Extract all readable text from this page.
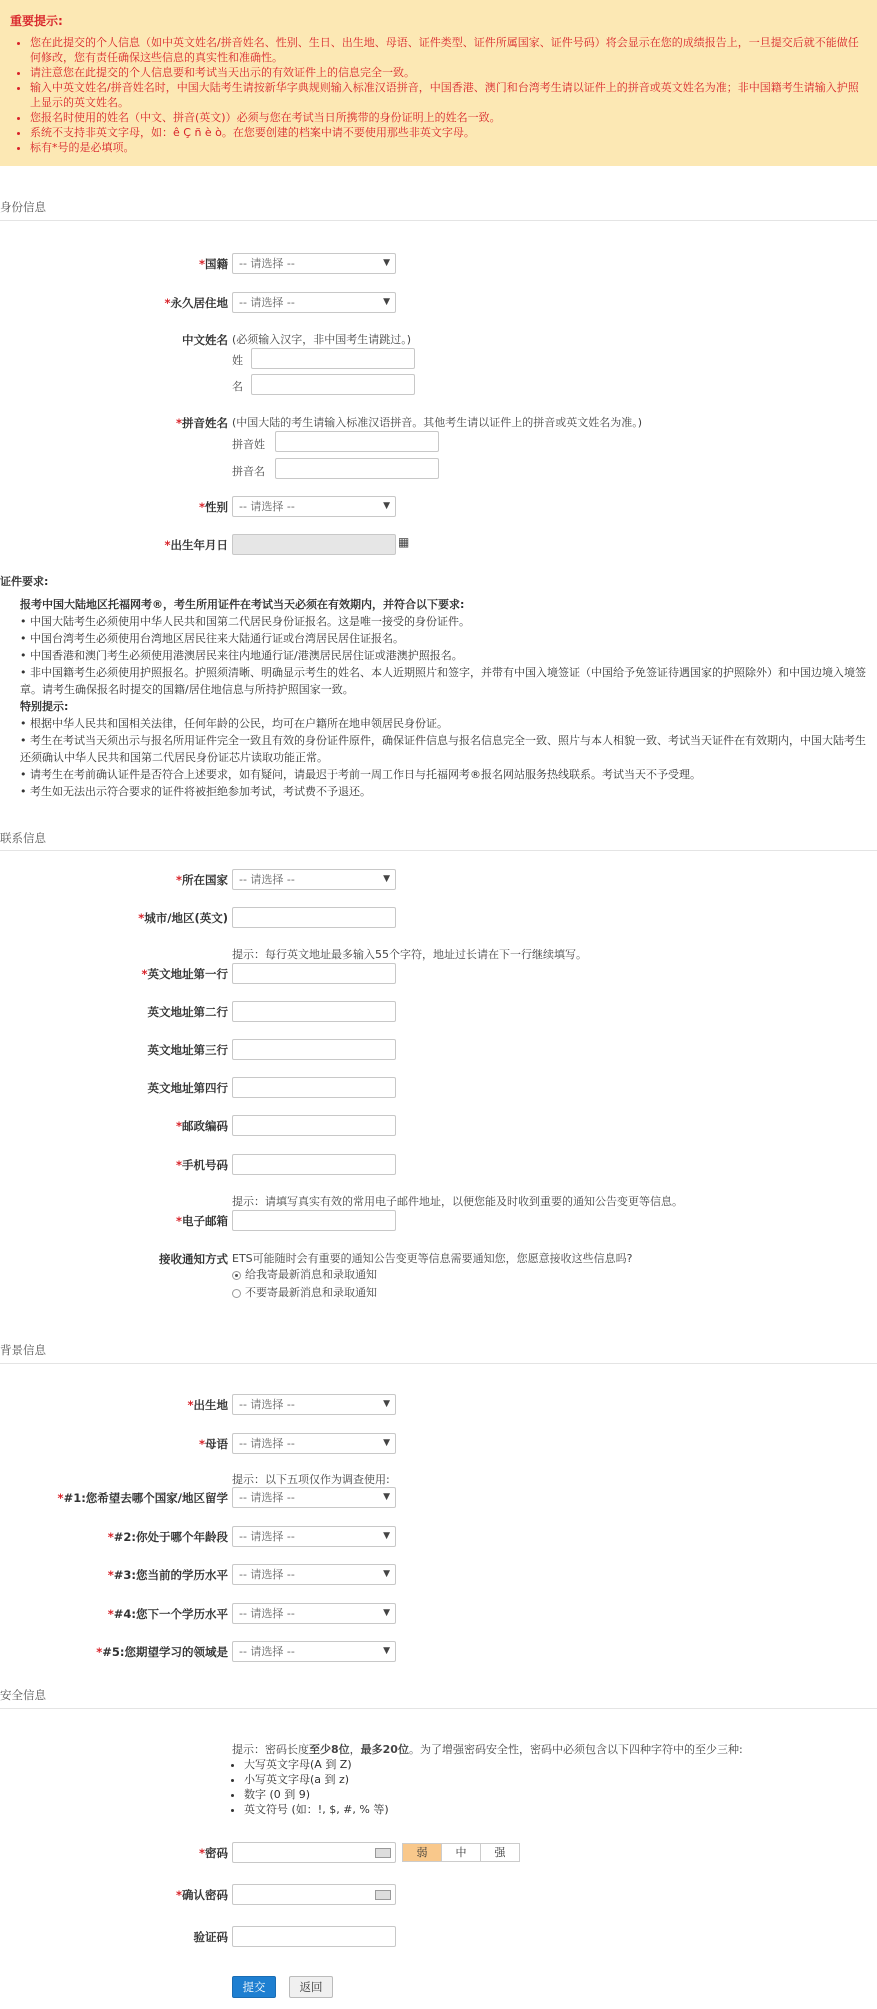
重要提示:
• 您在此提交的个人信息（如中英文姓名/拼音姓名、性别、生日、出生地、母语、证件类型、证件所属国家、证件号码）将会显示在您的成绩报告上，一旦提交后就不能做任何修改，您有责任确保这些信息的真实性和准确性。
• 请注意您在此提交的个人信息要和考试当天出示的有效证件上的信息完全一致。
• 输入中英文姓名/拼音姓名时，中国大陆考生请按新华字典规则输入标准汉语拼音，中国香港、澳门和台湾考生请以证件上的拼音或英文姓名为准；非中国籍考生请输入护照上显示的英文姓名。
• 您报名时使用的姓名（中文、拼音(英文)）必须与您在考试当日所携带的身份证明上的姓名一致。
• 系统不支持非英文字母，如：ê Ç ñ è ò。在您要创建的档案中请不要使用那些非英文字母。
• 标有*号的是必填项。
身份信息
*国籍	-- 请选择 --	▼
*永久居住地	-- 请选择 --	▼
中文姓名 (必须输入汉字，非中国考生请跳过。)
姓
名
*拼音姓名 (中国大陆的考生请输入标准汉语拼音。其他考生请以证件上的拼音或英文姓名为准。)
拼音姓
拼音名
*性别	-- 请选择 --	▼
*出生年月日	▦
证件要求:
报考中国大陆地区托福网考®，考生所用证件在考试当天必须在有效期内，并符合以下要求:
• 中国大陆考生必须使用中华人民共和国第二代居民身份证报名。这是唯一接受的身份证件。
• 中国台湾考生必须使用台湾地区居民往来大陆通行证或台湾居民居住证报名。
• 中国香港和澳门考生必须使用港澳居民来往内地通行证/港澳居民居住证或港澳护照报名。
• 非中国籍考生必须使用护照报名。护照须清晰、明确显示考生的姓名、本人近期照片和签字，并带有中国入境签证（中国给予免签证待遇国家的护照除外）和中国边境入境签章。请考生确保报名时提交的国籍/居住地信息与所持护照国家一致。
特别提示:
• 根据中华人民共和国相关法律，任何年龄的公民，均可在户籍所在地申领居民身份证。
• 考生在考试当天须出示与报名所用证件完全一致且有效的身份证件原件，确保证件信息与报名信息完全一致、照片与本人相貌一致、考试当天证件在有效期内，中国大陆考生还须确认中华人民共和国第二代居民身份证芯片读取功能正常。
• 请考生在考前确认证件是否符合上述要求，如有疑问，请最迟于考前一周工作日与托福网考®报名网站服务热线联系。考试当天不予受理。
• 考生如无法出示符合要求的证件将被拒绝参加考试，考试费不予退还。
联系信息
*所在国家	-- 请选择 --	▼
*城市/地区(英文)
提示：每行英文地址最多输入55个字符，地址过长请在下一行继续填写。
*英文地址第一行
英文地址第二行
英文地址第三行
英文地址第四行
*邮政编码
*手机号码
提示：请填写真实有效的常用电子邮件地址，以便您能及时收到重要的通知公告变更等信息。
*电子邮箱
接收通知方式 ETS可能随时会有重要的通知公告变更等信息需要通知您，您愿意接收这些信息吗?
给我寄最新消息和录取通知
不要寄最新消息和录取通知
背景信息
*出生地	-- 请选择 --	▼
*母语	-- 请选择 --	▼
提示：以下五项仅作为调查使用:
*#1:您希望去哪个国家/地区留学	-- 请选择 --	▼
*#2:你处于哪个年龄段	-- 请选择 --	▼
*#3:您当前的学历水平	-- 请选择 --	▼
*#4:您下一个学历水平	-- 请选择 --	▼
*#5:您期望学习的领域是	-- 请选择 --	▼
安全信息
提示：密码长度至少8位，最多20位。为了增强密码安全性，密码中必须包含以下四种字符中的至少三种:
• 大写英文字母(A 到 Z)
• 小写英文字母(a 到 z)
• 数字 (0 到 9)
• 英文符号 (如：!, $, #, % 等)
*密码	弱	中	强
*确认密码
验证码
提交	返回
